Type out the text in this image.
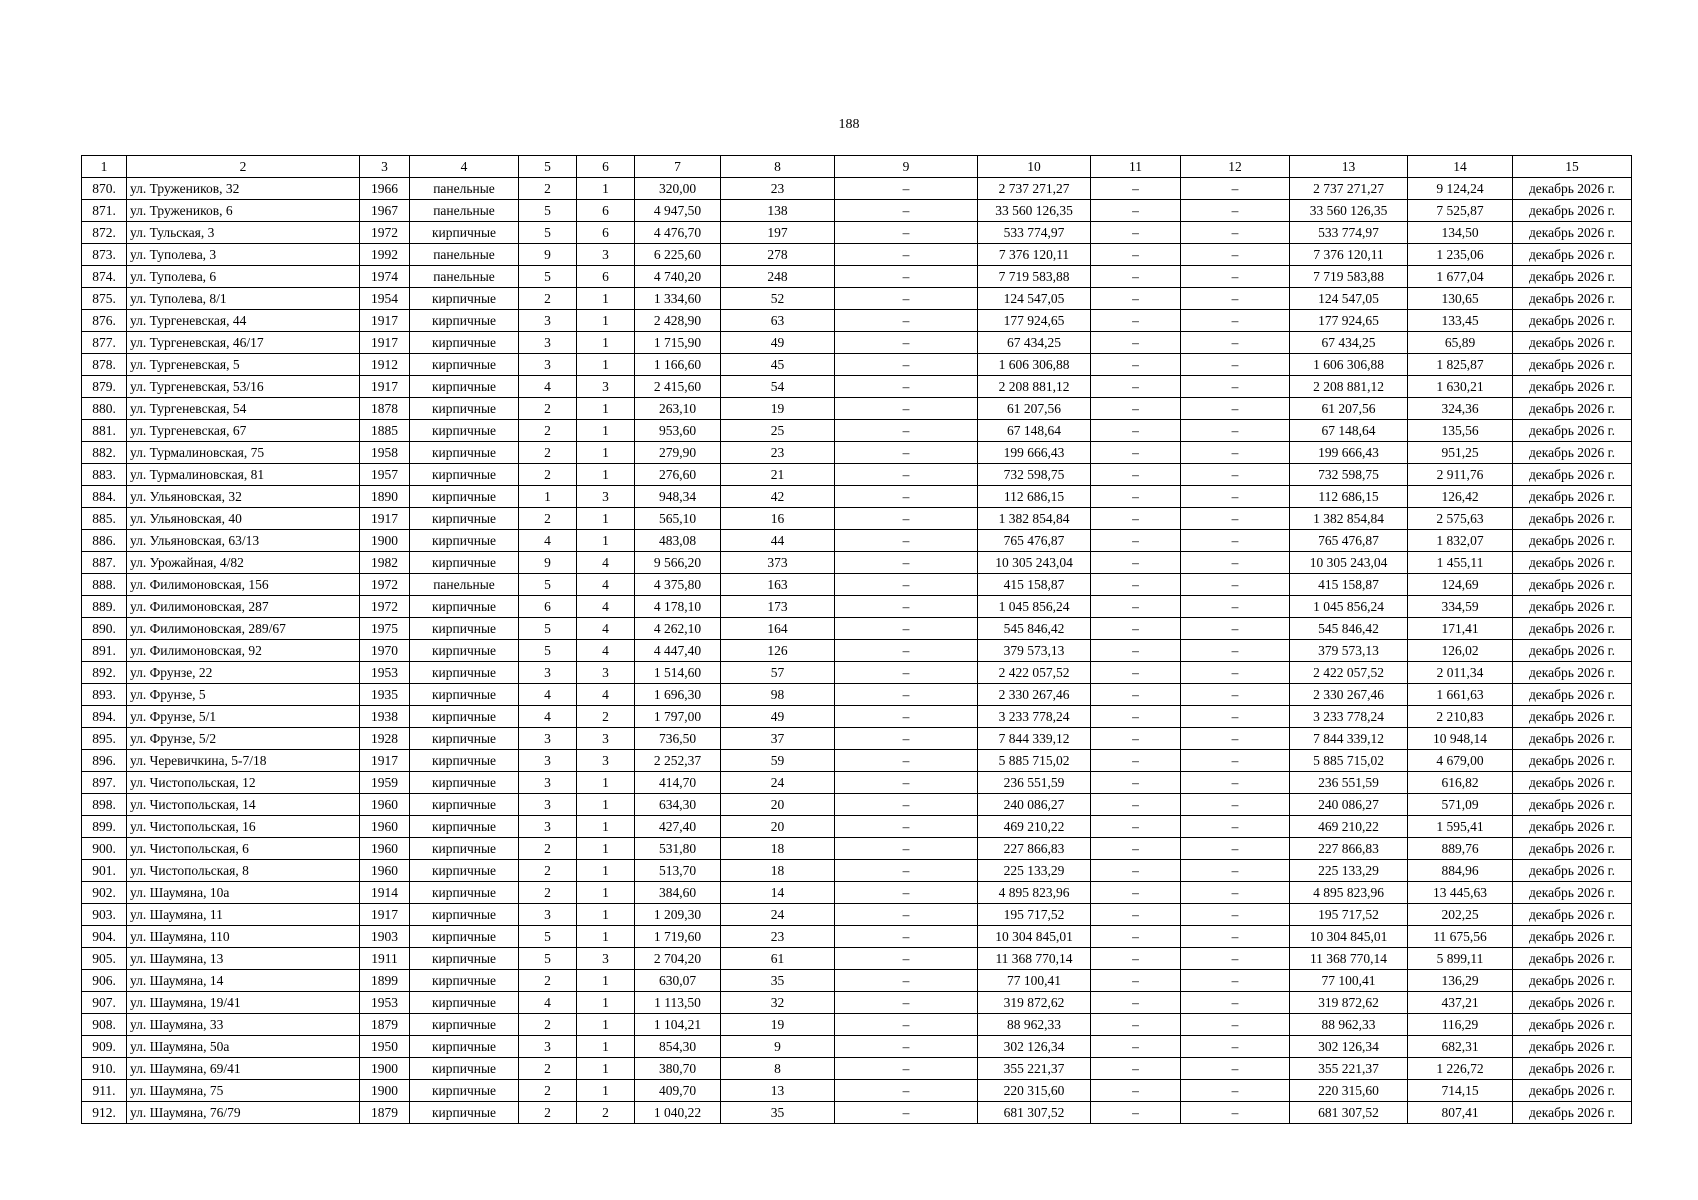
188
1	2	3	4	5	6	7	8	9	10	11	12	13	14	15
870.	ул. Тружеников, 32	1966	панельные	2	1	320,00	23	–	2 737 271,27	–	–	2 737 271,27	9 124,24	декабрь 2026 г.
871.	ул. Тружеников, 6	1967	панельные	5	6	4 947,50	138	–	33 560 126,35	–	–	33 560 126,35	7 525,87	декабрь 2026 г.
872.	ул. Тульская, 3	1972	кирпичные	5	6	4 476,70	197	–	533 774,97	–	–	533 774,97	134,50	декабрь 2026 г.
873.	ул. Туполева, 3	1992	панельные	9	3	6 225,60	278	–	7 376 120,11	–	–	7 376 120,11	1 235,06	декабрь 2026 г.
874.	ул. Туполева, 6	1974	панельные	5	6	4 740,20	248	–	7 719 583,88	–	–	7 719 583,88	1 677,04	декабрь 2026 г.
875.	ул. Туполева, 8/1	1954	кирпичные	2	1	1 334,60	52	–	124 547,05	–	–	124 547,05	130,65	декабрь 2026 г.
876.	ул. Тургеневская, 44	1917	кирпичные	3	1	2 428,90	63	–	177 924,65	–	–	177 924,65	133,45	декабрь 2026 г.
877.	ул. Тургеневская, 46/17	1917	кирпичные	3	1	1 715,90	49	–	67 434,25	–	–	67 434,25	65,89	декабрь 2026 г.
878.	ул. Тургеневская, 5	1912	кирпичные	3	1	1 166,60	45	–	1 606 306,88	–	–	1 606 306,88	1 825,87	декабрь 2026 г.
879.	ул. Тургеневская, 53/16	1917	кирпичные	4	3	2 415,60	54	–	2 208 881,12	–	–	2 208 881,12	1 630,21	декабрь 2026 г.
880.	ул. Тургеневская, 54	1878	кирпичные	2	1	263,10	19	–	61 207,56	–	–	61 207,56	324,36	декабрь 2026 г.
881.	ул. Тургеневская, 67	1885	кирпичные	2	1	953,60	25	–	67 148,64	–	–	67 148,64	135,56	декабрь 2026 г.
882.	ул. Турмалиновская, 75	1958	кирпичные	2	1	279,90	23	–	199 666,43	–	–	199 666,43	951,25	декабрь 2026 г.
883.	ул. Турмалиновская, 81	1957	кирпичные	2	1	276,60	21	–	732 598,75	–	–	732 598,75	2 911,76	декабрь 2026 г.
884.	ул. Ульяновская, 32	1890	кирпичные	1	3	948,34	42	–	112 686,15	–	–	112 686,15	126,42	декабрь 2026 г.
885.	ул. Ульяновская, 40	1917	кирпичные	2	1	565,10	16	–	1 382 854,84	–	–	1 382 854,84	2 575,63	декабрь 2026 г.
886.	ул. Ульяновская, 63/13	1900	кирпичные	4	1	483,08	44	–	765 476,87	–	–	765 476,87	1 832,07	декабрь 2026 г.
887.	ул. Урожайная, 4/82	1982	кирпичные	9	4	9 566,20	373	–	10 305 243,04	–	–	10 305 243,04	1 455,11	декабрь 2026 г.
888.	ул. Филимоновская, 156	1972	панельные	5	4	4 375,80	163	–	415 158,87	–	–	415 158,87	124,69	декабрь 2026 г.
889.	ул. Филимоновская, 287	1972	кирпичные	6	4	4 178,10	173	–	1 045 856,24	–	–	1 045 856,24	334,59	декабрь 2026 г.
890.	ул. Филимоновская, 289/67	1975	кирпичные	5	4	4 262,10	164	–	545 846,42	–	–	545 846,42	171,41	декабрь 2026 г.
891.	ул. Филимоновская, 92	1970	кирпичные	5	4	4 447,40	126	–	379 573,13	–	–	379 573,13	126,02	декабрь 2026 г.
892.	ул. Фрунзе, 22	1953	кирпичные	3	3	1 514,60	57	–	2 422 057,52	–	–	2 422 057,52	2 011,34	декабрь 2026 г.
893.	ул. Фрунзе, 5	1935	кирпичные	4	4	1 696,30	98	–	2 330 267,46	–	–	2 330 267,46	1 661,63	декабрь 2026 г.
894.	ул. Фрунзе, 5/1	1938	кирпичные	4	2	1 797,00	49	–	3 233 778,24	–	–	3 233 778,24	2 210,83	декабрь 2026 г.
895.	ул. Фрунзе, 5/2	1928	кирпичные	3	3	736,50	37	–	7 844 339,12	–	–	7 844 339,12	10 948,14	декабрь 2026 г.
896.	ул. Черевичкина, 5-7/18	1917	кирпичные	3	3	2 252,37	59	–	5 885 715,02	–	–	5 885 715,02	4 679,00	декабрь 2026 г.
897.	ул. Чистопольская, 12	1959	кирпичные	3	1	414,70	24	–	236 551,59	–	–	236 551,59	616,82	декабрь 2026 г.
898.	ул. Чистопольская, 14	1960	кирпичные	3	1	634,30	20	–	240 086,27	–	–	240 086,27	571,09	декабрь 2026 г.
899.	ул. Чистопольская, 16	1960	кирпичные	3	1	427,40	20	–	469 210,22	–	–	469 210,22	1 595,41	декабрь 2026 г.
900.	ул. Чистопольская, 6	1960	кирпичные	2	1	531,80	18	–	227 866,83	–	–	227 866,83	889,76	декабрь 2026 г.
901.	ул. Чистопольская, 8	1960	кирпичные	2	1	513,70	18	–	225 133,29	–	–	225 133,29	884,96	декабрь 2026 г.
902.	ул. Шаумяна, 10а	1914	кирпичные	2	1	384,60	14	–	4 895 823,96	–	–	4 895 823,96	13 445,63	декабрь 2026 г.
903.	ул. Шаумяна, 11	1917	кирпичные	3	1	1 209,30	24	–	195 717,52	–	–	195 717,52	202,25	декабрь 2026 г.
904.	ул. Шаумяна, 110	1903	кирпичные	5	1	1 719,60	23	–	10 304 845,01	–	–	10 304 845,01	11 675,56	декабрь 2026 г.
905.	ул. Шаумяна, 13	1911	кирпичные	5	3	2 704,20	61	–	11 368 770,14	–	–	11 368 770,14	5 899,11	декабрь 2026 г.
906.	ул. Шаумяна, 14	1899	кирпичные	2	1	630,07	35	–	77 100,41	–	–	77 100,41	136,29	декабрь 2026 г.
907.	ул. Шаумяна, 19/41	1953	кирпичные	4	1	1 113,50	32	–	319 872,62	–	–	319 872,62	437,21	декабрь 2026 г.
908.	ул. Шаумяна, 33	1879	кирпичные	2	1	1 104,21	19	–	88 962,33	–	–	88 962,33	116,29	декабрь 2026 г.
909.	ул. Шаумяна, 50а	1950	кирпичные	3	1	854,30	9	–	302 126,34	–	–	302 126,34	682,31	декабрь 2026 г.
910.	ул. Шаумяна, 69/41	1900	кирпичные	2	1	380,70	8	–	355 221,37	–	–	355 221,37	1 226,72	декабрь 2026 г.
911.	ул. Шаумяна, 75	1900	кирпичные	2	1	409,70	13	–	220 315,60	–	–	220 315,60	714,15	декабрь 2026 г.
912.	ул. Шаумяна, 76/79	1879	кирпичные	2	2	1 040,22	35	–	681 307,52	–	–	681 307,52	807,41	декабрь 2026 г.
